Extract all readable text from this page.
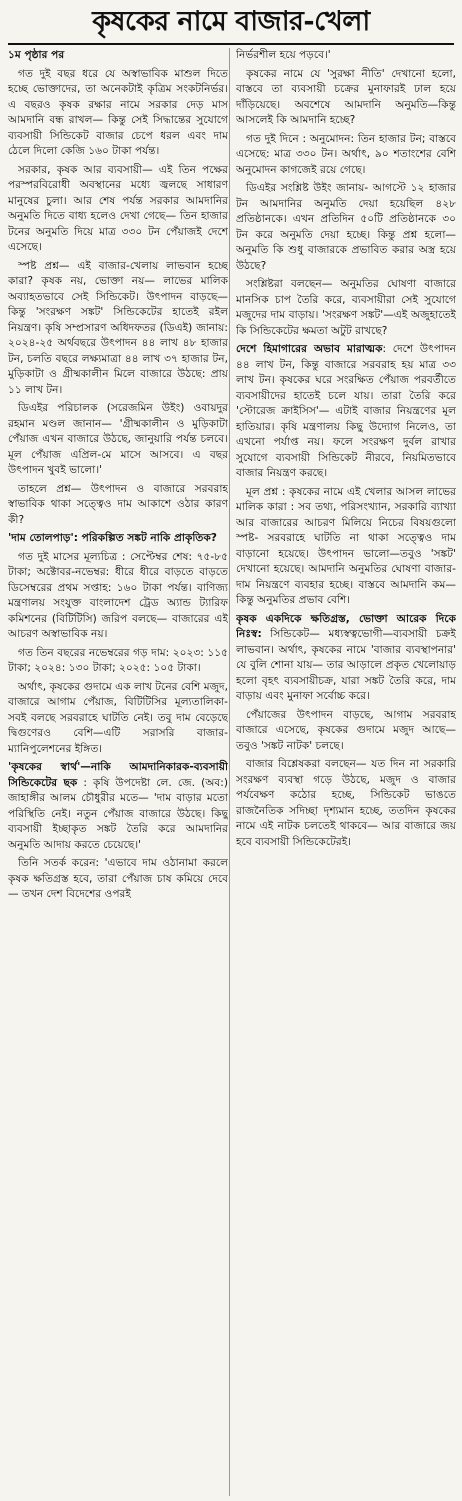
কৃষকের নামে বাজার-খেলা

১ম পৃষ্ঠার পর

গত দুই বছর ধরে যে অস্বাভাবিক মাশুল দিতে হচ্ছে ভোক্তাদের, তা অনেকটাই কৃত্রিম সংকটনির্ভর। এ বছরও কৃষক রক্ষার নামে সরকার দেড় মাস আমদানি বন্ধ রাখল— কিন্তু সেই সিদ্ধান্তের সুযোগে ব্যবসায়ী সিন্ডিকেট বাজার চেপে ধরল এবং দাম ঠেলে দিলো কেজি ১৬০ টাকা পর্যন্ত।

সরকার, কৃষক আর ব্যবসায়ী— এই তিন পক্ষের পরস্পরবিরোধী অবস্থানের মধ্যে জ্বলছে সাধারণ মানুষের চুলা। আর শেষ পর্যন্ত সরকার আমদানির অনুমতি দিতে বাধ্য হলেও দেখা গেছে— তিন হাজার টনের অনুমতি দিয়ে মাত্র ৩৩০ টন পেঁয়াজই দেশে এসেছে।

স্পষ্ট প্রশ্ন— এই বাজার-খেলায় লাভবান হচ্ছে কারা? কৃষক নয়, ভোক্তা নয়— লাভের মালিক অব্যাহতভাবে সেই সিন্ডিকেট। উৎপাদন বাড়ছে— কিন্তু 'সংরক্ষণ সঙ্কট' সিন্ডিকেটের হাতেই রইল নিয়ন্ত্রণ। কৃষি সম্প্রসারণ অধিদফতর (ডিএই) জানায়: ২০২৪-২৫ অর্থবছরে উৎপাদন ৪৪ লাখ ৪৮ হাজার টন, চলতি বছরে লক্ষ্যমাত্রা ৪৪ লাখ ৩৭ হাজার টন, মুড়িকাটা ও গ্রীষ্মকালীন মিলে বাজারে উঠছে: প্রায় ১১ লাখ টন।

ডিএইর পরিচালক (সরেজমিন উইং) ওবায়দুর রহমান মণ্ডল জানান— 'গ্রীষ্মকালীন ও মুড়িকাটা পেঁয়াজ এখন বাজারে উঠছে, জানুয়ারি পর্যন্ত চলবে। মূল পেঁয়াজ এপ্রিল-মে মাসে আসবে। এ বছর উৎপাদন খুবই ভালো।'

তাহলে প্রশ্ন— উৎপাদন ও বাজারে সরবরাহ স্বাভাবিক থাকা সত্ত্বেও দাম আকাশে ওঠার কারণ কী?

'দাম তোলপাড়': পরিকল্পিত সঙ্কট নাকি প্রাকৃতিক?

গত দুই মাসের মূল্যচিত্র : সেপ্টেম্বর শেষ: ৭৫-৮৫ টাকা; অক্টোবর-নভেম্বর: ধীরে ধীরে বাড়তে বাড়তে ডিসেম্বরের প্রথম সপ্তাহ: ১৬০ টাকা পর্যন্ত। বাণিজ্য মন্ত্রণালয় সংযুক্ত বাংলাদেশ ট্রেড অ্যান্ড ট্যারিফ কমিশনের (বিটিটিসি) জরিপ বলছে— বাজারের এই আচরণ অস্বাভাবিক নয়।

গত তিন বছরের নভেম্বরের গড় দাম: ২০২৩: ১১৫ টাকা; ২০২৪: ১৩০ টাকা; ২০২৫: ১০৫ টাকা।

অর্থাৎ, কৃষকের গুদামে এক লাখ টনের বেশি মজুদ, বাজারে আগাম পেঁয়াজ, বিটিটিসির মূল্যতালিকা- সবই বলছে সরবরাহে ঘাটতি নেই। তবু দাম বেড়েছে দ্বিগুণেরও বেশি—এটি সরাসরি বাজার-ম্যানিপুলেশনের ইঙ্গিত।

'কৃষকের স্বার্থ'—নাকি আমদানিকারক-ব্যবসায়ী সিন্ডিকেটের ছক : কৃষি উপদেষ্টা লে. জে. (অব:) জাহাঙ্গীর আলম চৌধুরীর মতে— 'দাম বাড়ার মতো পরিস্থিতি নেই। নতুন পেঁয়াজ বাজারে উঠছে। কিছু ব্যবসায়ী ইচ্ছাকৃত সঙ্কট তৈরি করে আমদানির অনুমতি আদায় করতে চেয়েছে।'

তিনি সতর্ক করেন: 'এভাবে দাম ওঠানামা করলে কৃষক ক্ষতিগ্রস্ত হবে, তারা পেঁয়াজ চাষ কমিয়ে দেবে— তখন দেশ বিদেশের ওপরই

নির্ভরশীল হয়ে পড়বে।'

কৃষকের নামে যে 'সুরক্ষা নীতি' দেখানো হলো, বাস্তবে তা ব্যবসায়ী চক্রের মুনাফারই ঢাল হয়ে দাঁড়িয়েছে। অবশেষে আমদানি অনুমতি—কিন্তু আসলেই কি আমদানি হচ্ছে?

গত দুই দিনে : অনুমোদন: তিন হাজার টন; বাস্তবে এসেছে: মাত্র ৩৩০ টন। অর্থাৎ, ৯০ শতাংশের বেশি অনুমোদন কাগজেই রয়ে গেছে।

ডিএইর সংশ্লিষ্ট উইং জানায়- আগস্টে ১২ হাজার টন আমদানির অনুমতি দেয়া হয়েছিল ৪২৮ প্রতিষ্ঠানকে। এখন প্রতিদিন ৫০টি প্রতিষ্ঠানকে ৩০ টন করে অনুমতি দেয়া হচ্ছে। কিন্তু প্রশ্ন হলো—অনুমতি কি শুধু বাজারকে প্রভাবিত করার অস্ত্র হয়ে উঠছে?

সংশ্লিষ্টরা বলছেন— অনুমতির ঘোষণা বাজারে মানসিক চাপ তৈরি করে, ব্যবসায়ীরা সেই সুযোগে মজুদের দাম বাড়ায়। 'সংরক্ষণ সঙ্কট'—এই অজুহাতেই কি সিন্ডিকেটের ক্ষমতা অটুট রাখছে?

দেশে হিমাগারের অভাব মারাত্মক: দেশে উৎপাদন ৪৪ লাখ টন, কিন্তু বাজারে সরবরাহ হয় মাত্র ৩৩ লাখ টন। কৃষকের ঘরে সংরক্ষিত পেঁয়াজ পরবর্তীতে ব্যবসায়ীদের হাতেই চলে যায়। তারা তৈরি করে 'স্টোরেজ ক্রাইসিস'— এটাই বাজার নিয়ন্ত্রণের মূল হাতিয়ার। কৃষি মন্ত্রণালয় কিছু উদ্যোগ নিলেও, তা এখনো পর্যাপ্ত নয়। ফলে সংরক্ষণ দুর্বল রাখার সুযোগে ব্যবসায়ী সিন্ডিকেট নীরবে, নিয়মিতভাবে বাজার নিয়ন্ত্রণ করছে।

মূল প্রশ্ন : কৃষকের নামে এই খেলার আসল লাভের মালিক কারা : সব তথ্য, পরিসংখ্যান, সরকারি ব্যাখ্যা আর বাজারের আচরণ মিলিয়ে নিচের বিষয়গুলো স্পষ্ট- সরবরাহে ঘাটতি না থাকা সত্ত্বেও দাম বাড়ানো হয়েছে। উৎপাদন ভালো—তবুও 'সঙ্কট' দেখানো হয়েছে। আমদানি অনুমতির ঘোষণা বাজার-দাম নিয়ন্ত্রণে ব্যবহার হচ্ছে। বাস্তবে আমদানি কম— কিন্তু অনুমতির প্রভাব বেশি।

কৃষক একদিকে ক্ষতিগ্রস্ত, ভোক্তা আরেক দিকে নিঃস্ব: সিন্ডিকেট— মধ্যস্বত্বভোগী—ব্যবসায়ী চক্রই লাভবান। অর্থাৎ, কৃষকের নামে 'বাজার ব্যবস্থাপনার' যে বুলি শোনা যায়— তার আড়ালে প্রকৃত খেলোয়াড় হলো বৃহৎ ব্যবসায়ীচক্র, যারা সঙ্কট তৈরি করে, দাম বাড়ায় এবং মুনাফা সর্বোচ্চ করে।

পেঁয়াজের উৎপাদন বাড়ছে, আগাম সরবরাহ বাজারে এসেছে, কৃষকের গুদামে মজুদ আছে— তবুও 'সঙ্কট নাটক' চলছে।

বাজার বিশ্লেষকরা বলছেন— যত দিন না সরকারি সংরক্ষণ ব্যবস্থা গড়ে উঠছে, মজুদ ও বাজার পর্যবেক্ষণ কঠোর হচ্ছে, সিন্ডিকেট ভাঙতে রাজনৈতিক সদিচ্ছা দৃশ্যমান হচ্ছে, ততদিন কৃষকের নামে এই নাটক চলতেই থাকবে— আর বাজারে জয় হবে ব্যবসায়ী সিন্ডিকেটেরই।
